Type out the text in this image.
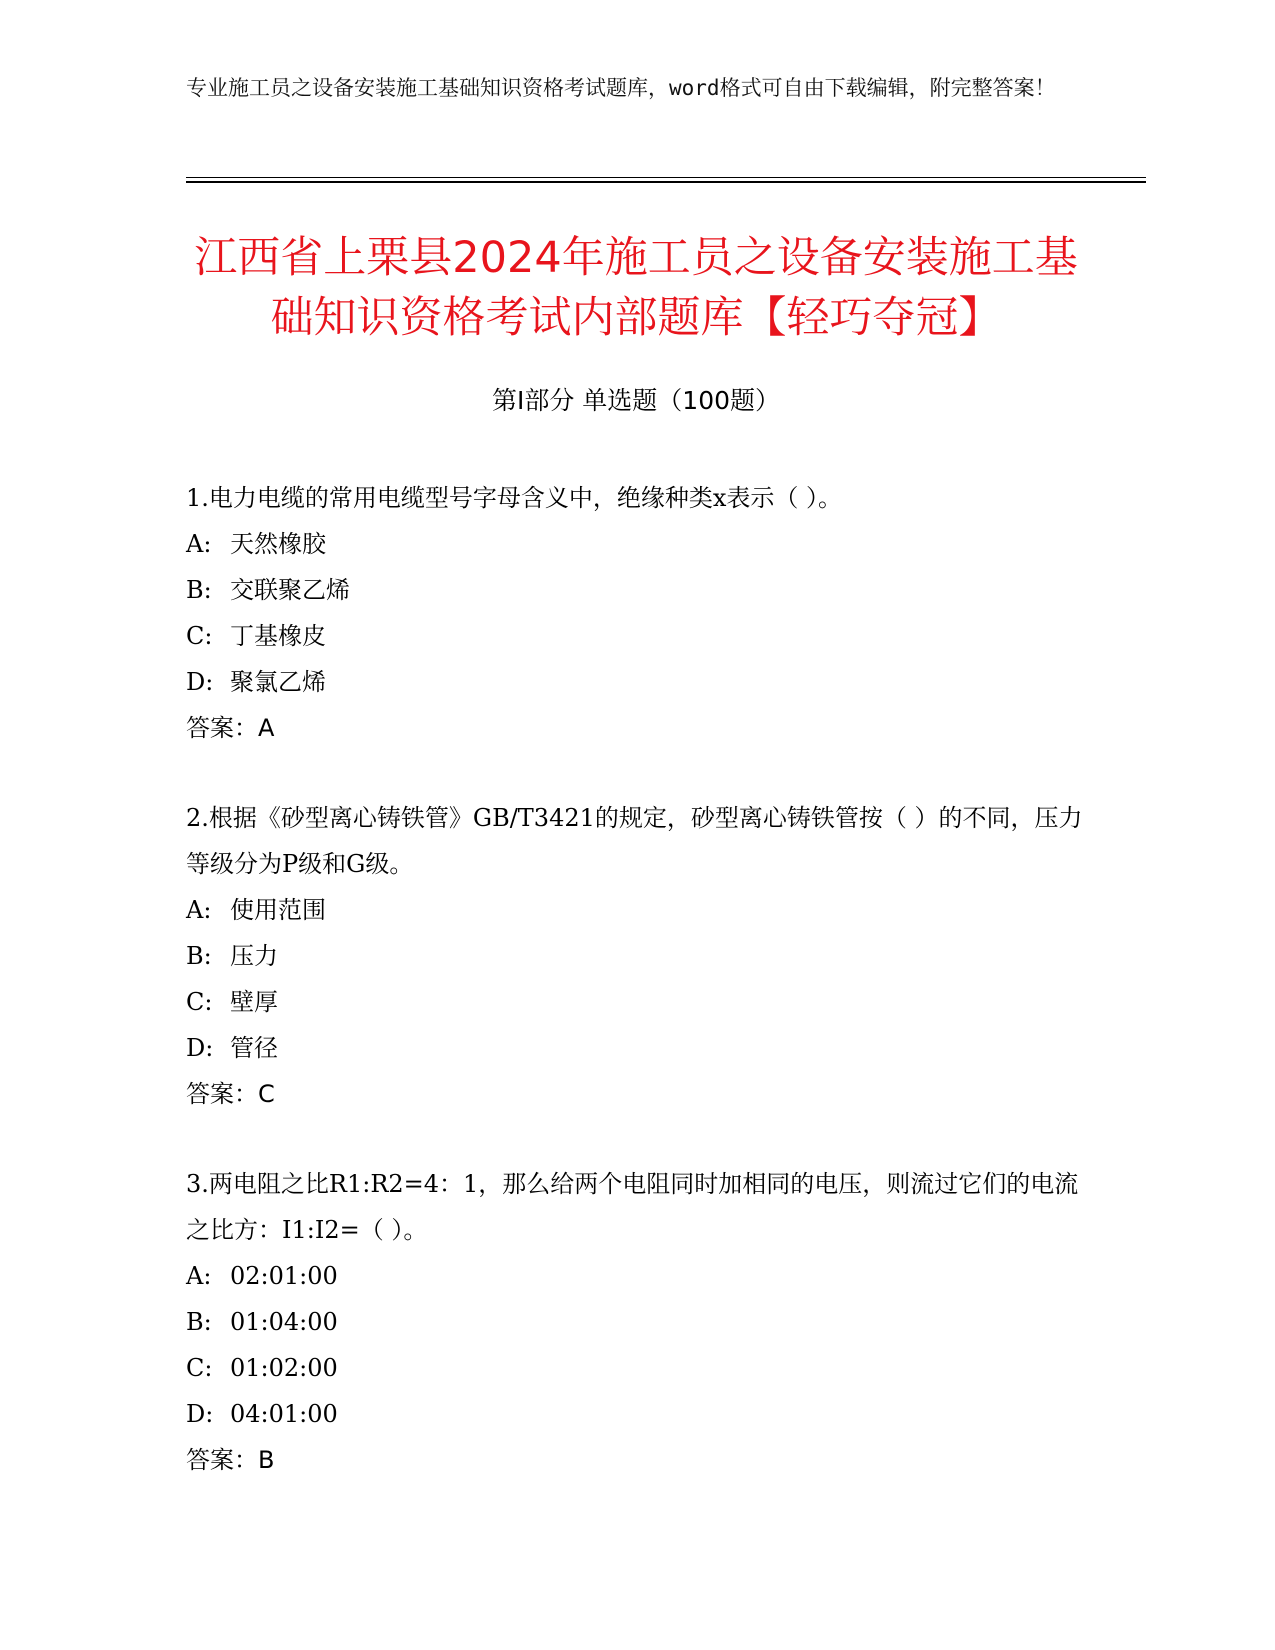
专业施工员之设备安装施工基础知识资格考试题库，word格式可自由下载编辑，附完整答案！
江西省上栗县2024年施工员之设备安装施工基础知识资格考试内部题库【轻巧夺冠】
第Ⅰ部分 单选题（100题）

1.电力电缆的常用电缆型号字母含义中，绝缘种类x表示（ ）。

A: 天然橡胶
B: 交联聚乙烯
C: 丁基橡皮
D: 聚氯乙烯
答案：A

2.根据《砂型离心铸铁管》GB/T3421的规定，砂型离心铸铁管按（ ）的不同，压力等级分为P级和G级。

A: 使用范围
B: 压力
C: 壁厚
D: 管径
答案：C

3.两电阻之比R1:R2=4：1，那么给两个电阻同时加相同的电压，则流过它们的电流之比方：I1:I2=（ ）。

A: 02:01:00
B: 01:04:00
C: 01:02:00
D: 04:01:00
答案：B
